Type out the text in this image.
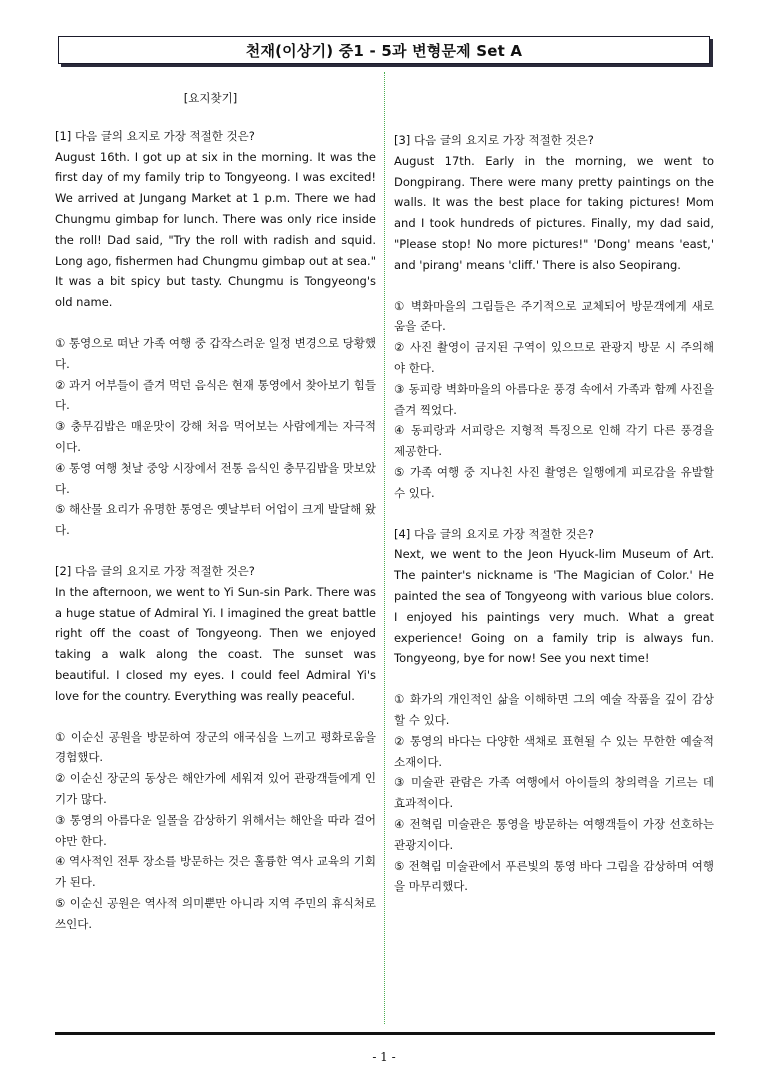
천재(이상기) 중1 - 5과 변형문제 Set A
[요지찾기]

[1] 다음 글의 요지로 가장 적절한 것은?

August 16th. I got up at six in the morning. It was the first day of my family trip to Tongyeong. I was excited! We arrived at Jungang Market at 1 p.m. There we had Chungmu gimbap for lunch. There was only rice inside the roll! Dad said, "Try the roll with radish and squid. Long ago, fishermen had Chungmu gimbap out at sea." It was a bit spicy but tasty. Chungmu is Tongyeong's old name.

① 통영으로 떠난 가족 여행 중 갑작스러운 일정 변경으로 당황했다.
② 과거 어부들이 즐겨 먹던 음식은 현재 통영에서 찾아보기 힘들다.
③ 충무김밥은 매운맛이 강해 처음 먹어보는 사람에게는 자극적이다.
④ 통영 여행 첫날 중앙 시장에서 전통 음식인 충무김밥을 맛보았다.
⑤ 해산물 요리가 유명한 통영은 옛날부터 어업이 크게 발달해 왔다.

[2] 다음 글의 요지로 가장 적절한 것은?

In the afternoon, we went to Yi Sun-sin Park. There was a huge statue of Admiral Yi. I imagined the great battle right off the coast of Tongyeong. Then we enjoyed taking a walk along the coast. The sunset was beautiful. I closed my eyes. I could feel Admiral Yi's love for the country. Everything was really peaceful.

① 이순신 공원을 방문하여 장군의 애국심을 느끼고 평화로움을 경험했다.
② 이순신 장군의 동상은 해안가에 세워져 있어 관광객들에게 인기가 많다.
③ 통영의 아름다운 일몰을 감상하기 위해서는 해안을 따라 걸어야만 한다.
④ 역사적인 전투 장소를 방문하는 것은 훌륭한 역사 교육의 기회가 된다.
⑤ 이순신 공원은 역사적 의미뿐만 아니라 지역 주민의 휴식처로 쓰인다.

[3] 다음 글의 요지로 가장 적절한 것은?

August 17th. Early in the morning, we went to Dongpirang. There were many pretty paintings on the walls. It was the best place for taking pictures! Mom and I took hundreds of pictures. Finally, my dad said, "Please stop! No more pictures!" 'Dong' means 'east,' and 'pirang' means 'cliff.' There is also Seopirang.

① 벽화마을의 그림들은 주기적으로 교체되어 방문객에게 새로움을 준다.
② 사진 촬영이 금지된 구역이 있으므로 관광지 방문 시 주의해야 한다.
③ 동피랑 벽화마을의 아름다운 풍경 속에서 가족과 함께 사진을 즐겨 찍었다.
④ 동피랑과 서피랑은 지형적 특징으로 인해 각기 다른 풍경을 제공한다.
⑤ 가족 여행 중 지나친 사진 촬영은 일행에게 피로감을 유발할 수 있다.

[4] 다음 글의 요지로 가장 적절한 것은?

Next, we went to the Jeon Hyuck-lim Museum of Art. The painter's nickname is 'The Magician of Color.' He painted the sea of Tongyeong with various blue colors. I enjoyed his paintings very much. What a great experience! Going on a family trip is always fun. Tongyeong, bye for now! See you next time!

① 화가의 개인적인 삶을 이해하면 그의 예술 작품을 깊이 감상할 수 있다.
② 통영의 바다는 다양한 색채로 표현될 수 있는 무한한 예술적 소재이다.
③ 미술관 관람은 가족 여행에서 아이들의 창의력을 기르는 데 효과적이다.
④ 전혁림 미술관은 통영을 방문하는 여행객들이 가장 선호하는 관광지이다.
⑤ 전혁림 미술관에서 푸른빛의 통영 바다 그림을 감상하며 여행을 마무리했다.
- 1 -
